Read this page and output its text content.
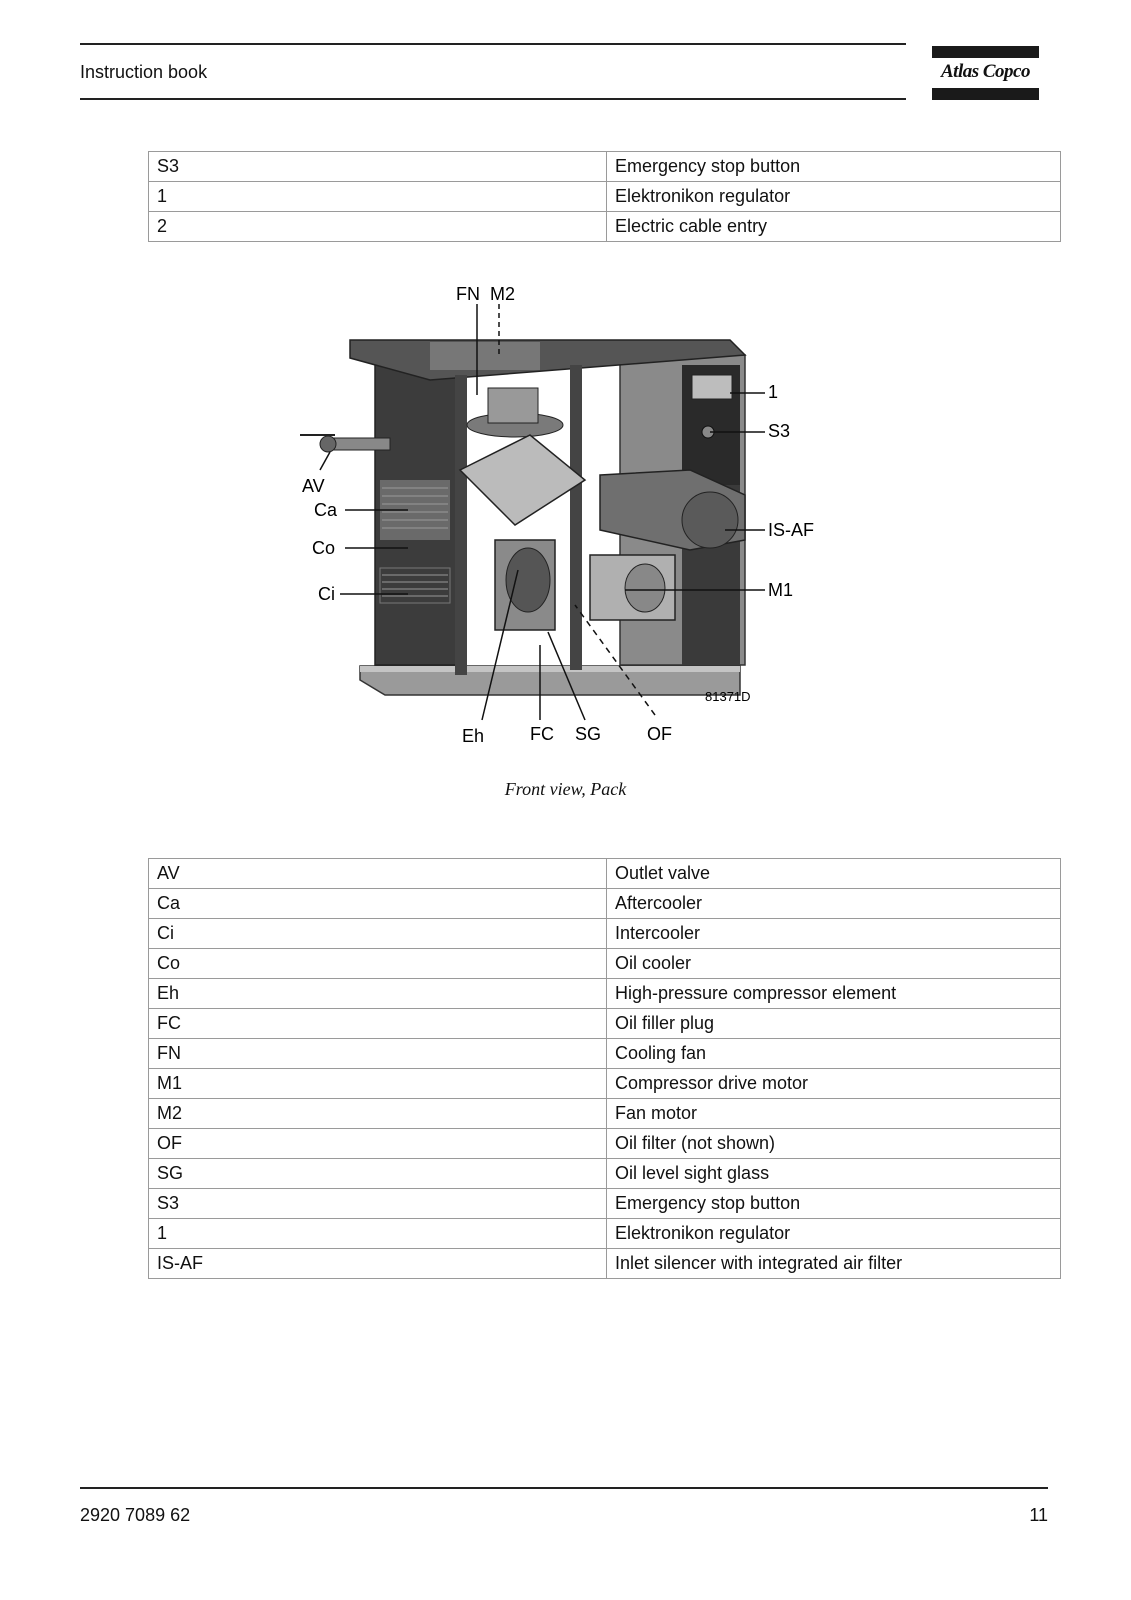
Instruction book	Atlas Copco
S3	Emergency stop button
1	Elektronikon regulator
2	Electric cable entry
FN M2
1
S3
AV
Ca
Co
IS-AF
Ci	M1
81371D
Eh	FC SG	OF
Front view, Pack
AV	Outlet valve
Ca	Aftercooler
Ci	Intercooler
Co	Oil cooler
Eh	High-pressure compressor element
FC	Oil filler plug
FN	Cooling fan
M1	Compressor drive motor
M2	Fan motor
OF	Oil filter (not shown)
SG	Oil level sight glass
S3	Emergency stop button
1	Elektronikon regulator
IS-AF	Inlet silencer with integrated air filter
2920 7089 62	11
